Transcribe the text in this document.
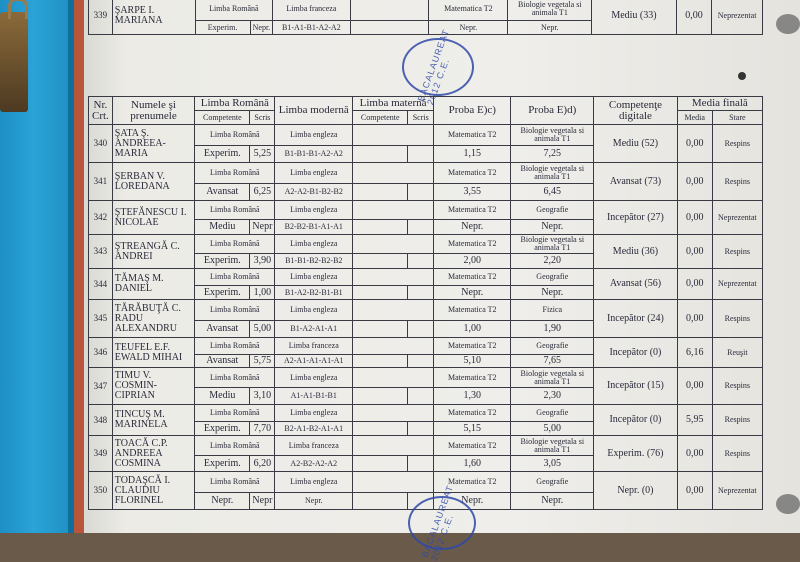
339	ŞARPE I. MARIANA	Limba Română		Limba franceza		Matematica T2	Biologie vegetala si animala T1	Mediu (33)	0,00	Neprezentat
		Experim.	Nepr.	B1-A1-B1-A2-A2		Nepr.	Nepr.			
BACALAUREAT 2012 C.E.
Nr. Crt.	Numele şi prenumele	Limba Română		Limba modernă	Limba maternă		Proba E)c)	Proba E)d)	Competenţe digitale	Media finală	
		Competente	Scris		Competente	Scris				Media	Stare
340	ŞATA Ş. ANDREEA-MARIA	Limba Română		Limba engleza			Matematica T2	Biologie vegetala si animala T1	Mediu (52)	0,00	Respins
		Experim.	5,25	B1-B1-B1-A2-A2			1,15	7,25			
341	ŞERBAN V. LOREDANA	Limba Română		Limba engleza			Matematica T2	Biologie vegetala si animala T1	Avansat (73)	0,00	Respins
		Avansat	6,25	A2-A2-B1-B2-B2			3,55	6,45			
342	ŞTEFĂNESCU I. NICOLAE	Limba Română		Limba engleza			Matematica T2	Geografie	Incepător (27)	0,00	Neprezentat
		Mediu	Nepr	B2-B2-B1-A1-A1			Nepr.	Nepr.			
343	ŞTREANGĂ C. ANDREI	Limba Română		Limba engleza			Matematica T2	Biologie vegetala si animala T1	Mediu (36)	0,00	Respins
		Experim.	3,90	B1-B1-B2-B2-B2			2,00	2,20			
344	TĂMAŞ M. DANIEL	Limba Română		Limba engleza			Matematica T2	Geografie	Avansat (56)	0,00	Neprezentat
		Experim.	1,00	B1-A2-B2-B1-B1			Nepr.	Nepr.			
345	TĂRĂBUŢĂ C. RADU ALEXANDRU	Limba Română		Limba engleza			Matematica T2	Fizica	Incepător (24)	0,00	Respins
		Avansat	5,00	B1-A2-A1-A1			1,00	1,90			
346	TEUFEL E.F. EWALD MIHAI	Limba Română		Limba franceza			Matematica T2	Geografie	Incepător (0)	6,16	Reuşit
		Avansat	5,75	A2-A1-A1-A1-A1			5,10	7,65			
347	TIMU V. COSMIN-CIPRIAN	Limba Română		Limba engleza			Matematica T2	Biologie vegetala si animala T1	Incepător (15)	0,00	Respins
		Mediu	3,10	A1-A1-B1-B1			1,30	2,30			
348	TINCUŞ M. MARINELA	Limba Română		Limba engleza			Matematica T2	Geografie	Incepător (0)	5,95	Respins
		Experim.	7,70	B2-A1-B2-A1-A1			5,15	5,00			
349	TOACĂ C.P. ANDREEA COSMINA	Limba Română		Limba franceza			Matematica T2	Biologie vegetala si animala T1	Experim. (76)	0,00	Respins
		Experim.	6,20	A2-B2-A2-A2			1,60	3,05			
350	TODAŞCĂ I. CLAUDIU FLORINEL	Limba Română		Limba engleza			Matematica T2	Geografie	Nepr. (0)	0,00	Neprezentat
		Nepr.	Nepr	Nepr.			Nepr.	Nepr.			
BACALAUREAT 2012 C.E.
